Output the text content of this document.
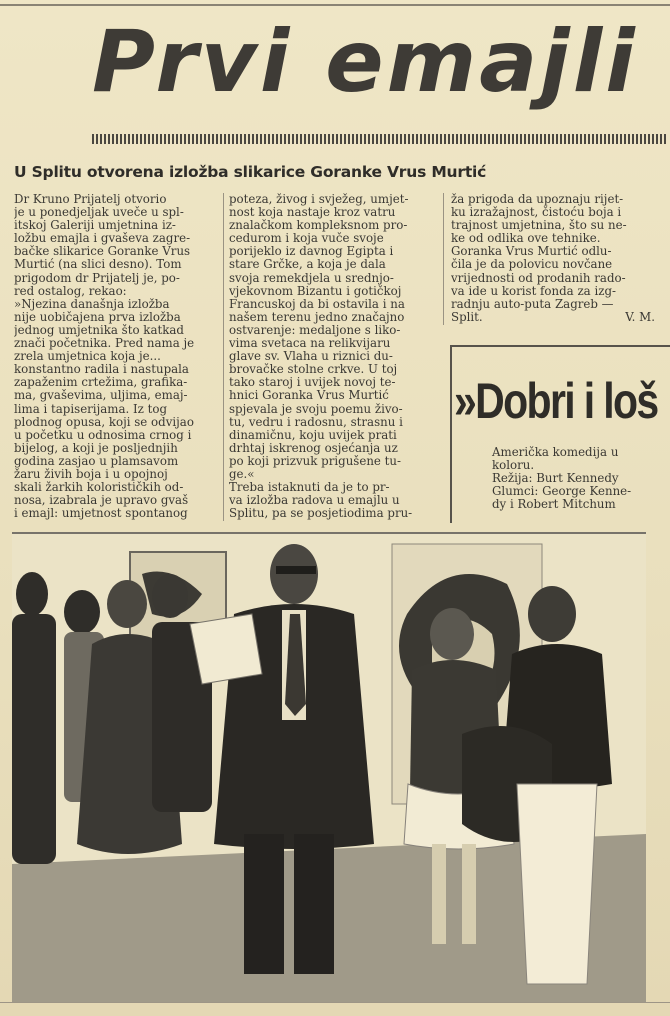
Prvi emajli
U Splitu otvorena izložba slikarice Goranke Vrus Murtić

Dr Kruno Prijatelj otvorio

je u ponedjeljak uveče u spl-

itskoj Galeriji umjetnina iz-

ložbu emajla i gvaševa zagre-

bačke slikarice Goranke Vrus

Murtić (na slici desno). Tom

prigodom dr Prijatelj je, po-

red ostalog, rekao:

»Njezina današnja izložba

nije uobičajena prva izložba

jednog umjetnika što katkad

znači početnika. Pred nama je

zrela umjetnica koja je...

konstantno radila i nastupala

zapaženim crtežima, grafika-

ma, gvaševima, uljima, emaj-

lima i tapiserijama. Iz tog

plodnog opusa, koji se odvijao

u početku u odnosima crnog i

bijelog, a koji je posljednjih

godina zasjao u plamsavom

žaru živih boja i u opojnoj

skali žarkih kolorističkih od-

nosa, izabrala je upravo gvaš

i emajl: umjetnost spontanog

poteza, živog i svježeg, umjet-

nost koja nastaje kroz vatru

znalačkom kompleksnom pro-

cedurom i koja vuče svoje

porijeklo iz davnog Egipta i

stare Grčke, a koja je dala

svoja remekdjela u srednjo-

vjekovnom Bizantu i gotičkoj

Francuskoj da bi ostavila i na

našem terenu jedno značajno

ostvarenje: medaljone s liko-

vima svetaca na relikvijaru

glave sv. Vlaha u riznici du-

brovačke stolne crkve. U toj

tako staroj i uvijek novoj te-

hnici Goranka Vrus Murtić

spjevala je svoju poemu živo-

tu, vedru i radosnu, strasnu i

dinamičnu, koju uvijek prati

drhtaj iskrenog osjećanja uz

po koji prizvuk prigušene tu-

ge.«

Treba istaknuti da je to pr-

va izložba radova u emajlu u

Splitu, pa se posjetiodima pru-

ža prigoda da upoznaju rijet-

ku izražajnost, čistoću boja i

trajnost umjetnina, što su ne-

ke od odlika ove tehnike.

Goranka Vrus Murtić odlu-

čila je da polovicu novčane

vrijednosti od prodanih rado-

va ide u korist fonda za izg-

radnju auto-puta Zagreb —

Split.	V. M.

»Dobri i loš
Američka komedija u
koloru.
Režija: Burt Kennedy
Glumci: George Kenne-
dy i Robert Mitchum
